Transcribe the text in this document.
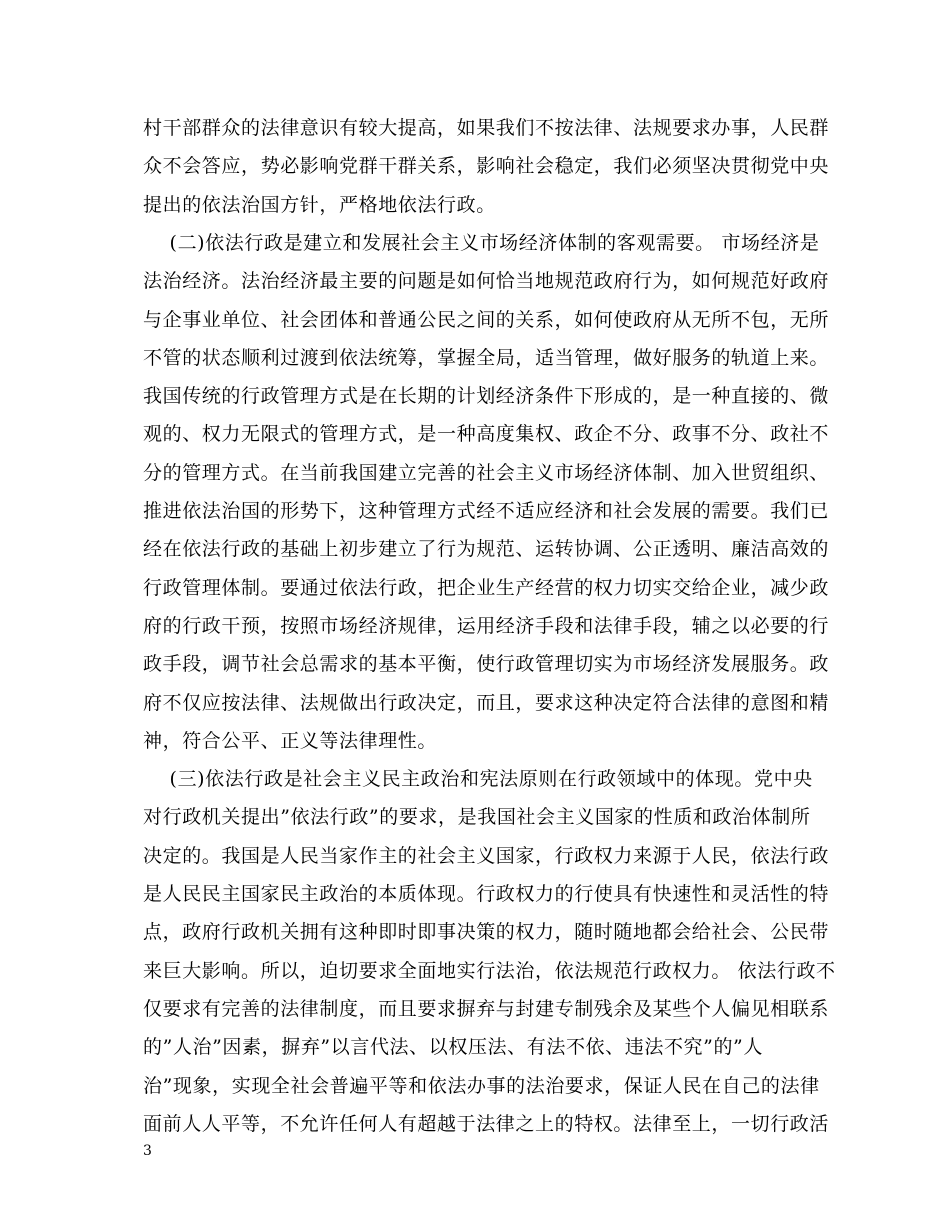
村干部群众的法律意识有较大提高，如果我们不按法律、法规要求办事，人民群
众不会答应，势必影响党群干群关系，影响社会稳定，我们必须坚决贯彻党中央
提出的依法治国方针，严格地依法行政。
(二)依法行政是建立和发展社会主义市场经济体制的客观需要。 市场经济是
法治经济。法治经济最主要的问题是如何恰当地规范政府行为，如何规范好政府
与企事业单位、社会团体和普通公民之间的关系，如何使政府从无所不包，无所
不管的状态顺利过渡到依法统筹，掌握全局，适当管理，做好服务的轨道上来。
我国传统的行政管理方式是在长期的计划经济条件下形成的，是一种直接的、微
观的、权力无限式的管理方式，是一种高度集权、政企不分、政事不分、政社不
分的管理方式。在当前我国建立完善的社会主义市场经济体制、加入世贸组织、
推进依法治国的形势下，这种管理方式经不适应经济和社会发展的需要。我们已
经在依法行政的基础上初步建立了行为规范、运转协调、公正透明、廉洁高效的
行政管理体制。要通过依法行政，把企业生产经营的权力切实交给企业，减少政
府的行政干预，按照市场经济规律，运用经济手段和法律手段，辅之以必要的行
政手段，调节社会总需求的基本平衡，使行政管理切实为市场经济发展服务。政
府不仅应按法律、法规做出行政决定，而且，要求这种决定符合法律的意图和精
神，符合公平、正义等法律理性。
(三)依法行政是社会主义民主政治和宪法原则在行政领域中的体现。党中央
对行政机关提出”依法行政”的要求，是我国社会主义国家的性质和政治体制所
决定的。我国是人民当家作主的社会主义国家，行政权力来源于人民，依法行政
是人民民主国家民主政治的本质体现。行政权力的行使具有快速性和灵活性的特
点，政府行政机关拥有这种即时即事决策的权力，随时随地都会给社会、公民带
来巨大影响。所以，迫切要求全面地实行法治，依法规范行政权力。 依法行政不
仅要求有完善的法律制度，而且要求摒弃与封建专制残余及某些个人偏见相联系
的”人治”因素，摒弃”以言代法、以权压法、有法不依、违法不究”的”人
治”现象，实现全社会普遍平等和依法办事的法治要求，保证人民在自己的法律
面前人人平等，不允许任何人有超越于法律之上的特权。法律至上，一切行政活
3
